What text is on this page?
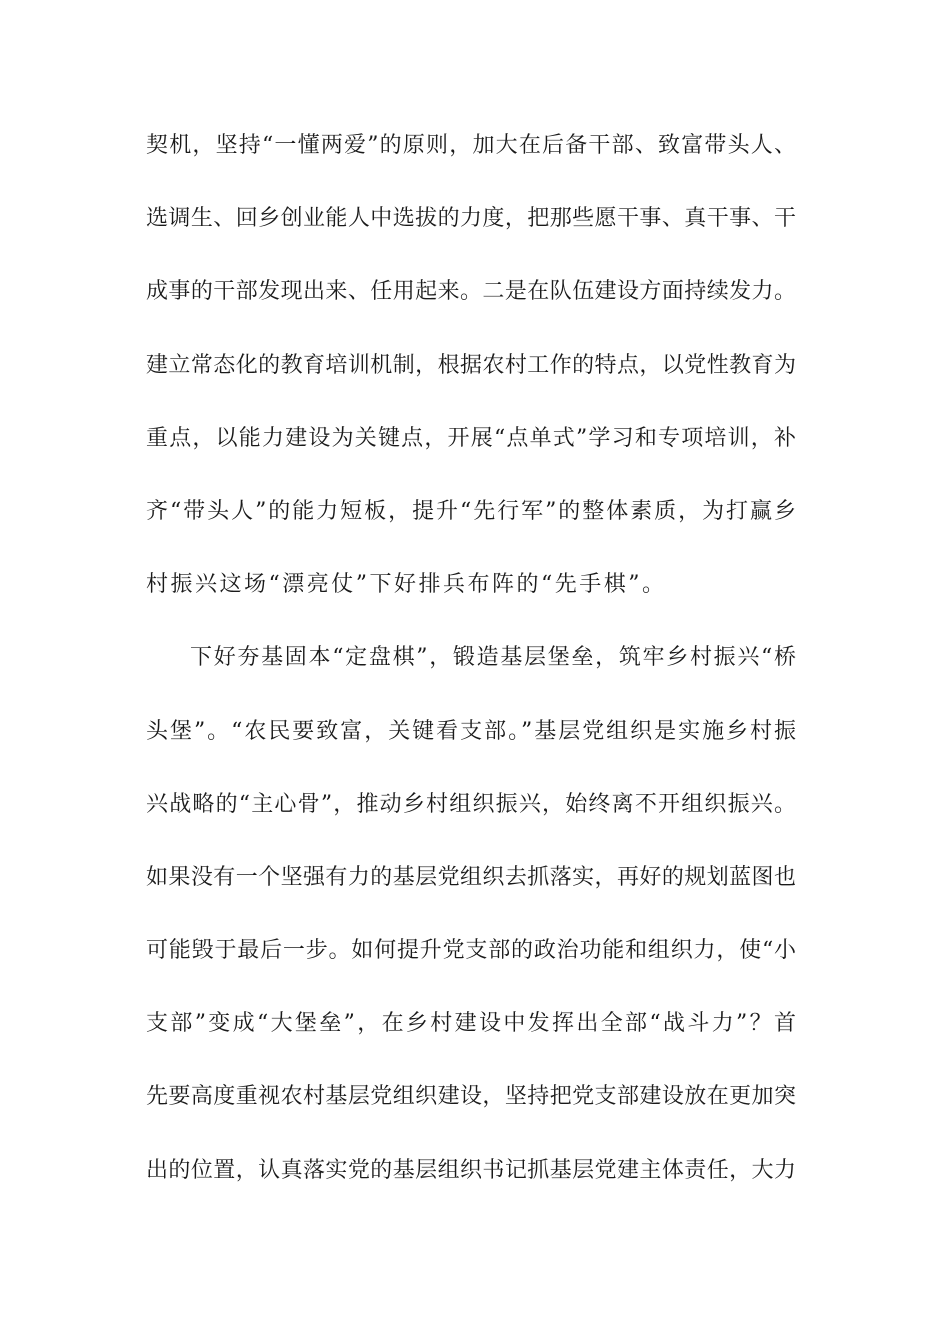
契机，坚持“一懂两爱”的原则，加大在后备干部、致富带头人、
选调生、回乡创业能人中选拔的力度，把那些愿干事、真干事、干
成事的干部发现出来、任用起来。二是在队伍建设方面持续发力。
建立常态化的教育培训机制，根据农村工作的特点，以党性教育为
重点，以能力建设为关键点，开展“点单式”学习和专项培训，补
齐“带头人”的能力短板，提升“先行军”的整体素质，为打赢乡
村振兴这场“漂亮仗”下好排兵布阵的“先手棋”。
下好夯基固本“定盘棋”，锻造基层堡垒，筑牢乡村振兴“桥
头堡”。“农民要致富，关键看支部。”基层党组织是实施乡村振
兴战略的“主心骨”，推动乡村组织振兴，始终离不开组织振兴。
如果没有一个坚强有力的基层党组织去抓落实，再好的规划蓝图也
可能毁于最后一步。如何提升党支部的政治功能和组织力，使“小
支部”变成“大堡垒”，在乡村建设中发挥出全部“战斗力”？首
先要高度重视农村基层党组织建设，坚持把党支部建设放在更加突
出的位置，认真落实党的基层组织书记抓基层党建主体责任，大力
